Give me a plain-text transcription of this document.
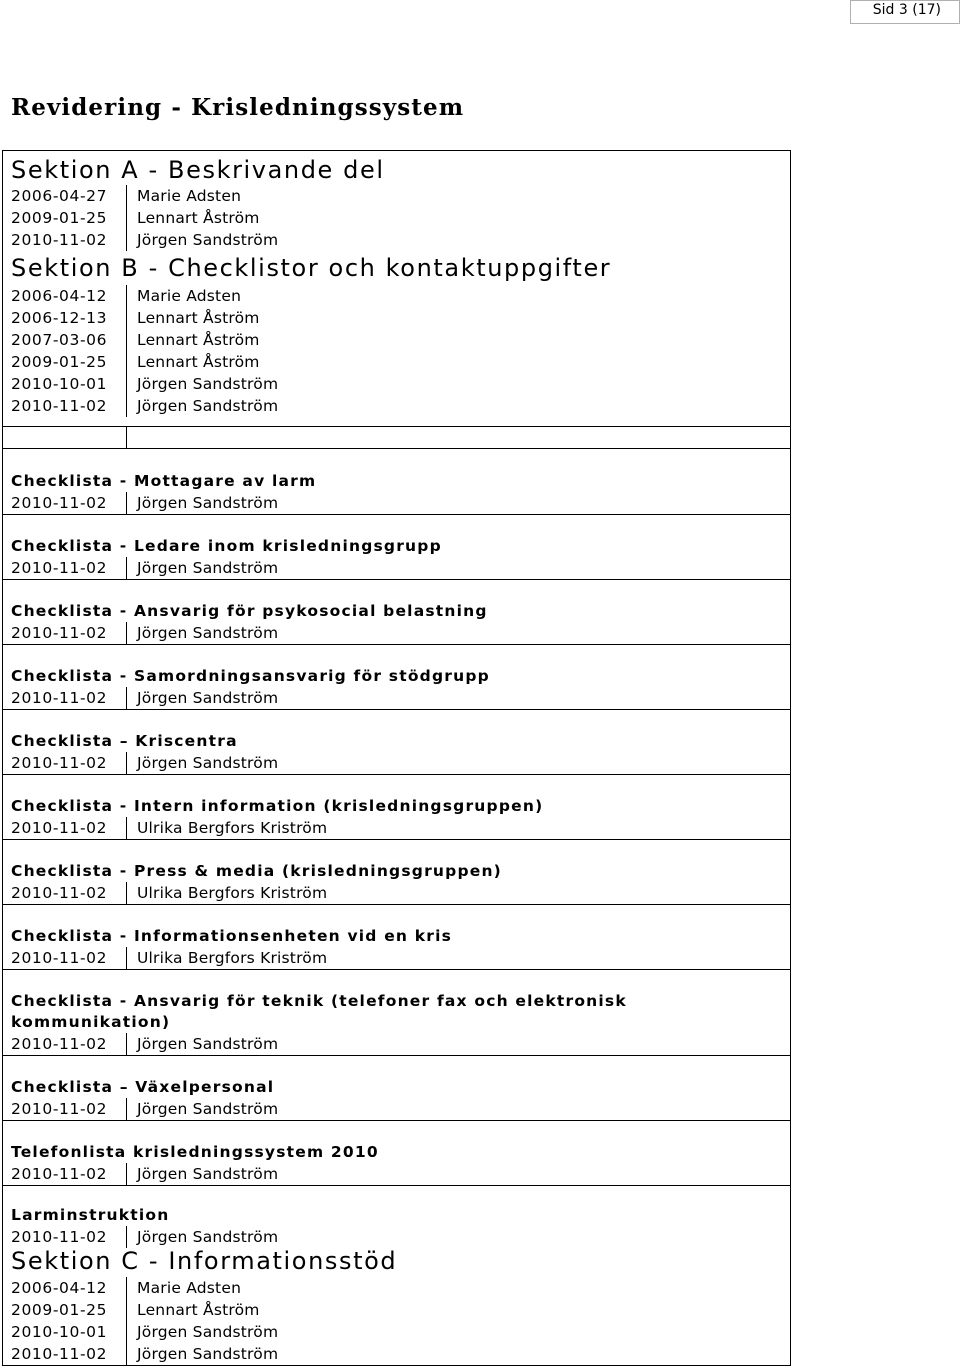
Sid 3 (17)
Revidering - Krisledningssystem
Sektion A - Beskrivande del
2006-04-27	Marie Adsten
2009-01-25	Lennart Åström
2010-11-02	Jörgen Sandström
Sektion B - Checklistor och kontaktuppgifter
2006-04-12	Marie Adsten
2006-12-13	Lennart Åström
2007-03-06	Lennart Åström
2009-01-25	Lennart Åström
2010-10-01	Jörgen Sandström
2010-11-02	Jörgen Sandström
Checklista - Mottagare av larm
2010-11-02	Jörgen Sandström
Checklista - Ledare inom krisledningsgrupp
2010-11-02	Jörgen Sandström
Checklista - Ansvarig för psykosocial belastning
2010-11-02	Jörgen Sandström
Checklista - Samordningsansvarig för stödgrupp
2010-11-02	Jörgen Sandström
Checklista – Kriscentra
2010-11-02	Jörgen Sandström
Checklista - Intern information (krisledningsgruppen)
2010-11-02	Ulrika Bergfors Kriström
Checklista - Press & media (krisledningsgruppen)
2010-11-02	Ulrika Bergfors Kriström
Checklista - Informationsenheten vid en kris
2010-11-02	Ulrika Bergfors Kriström
Checklista - Ansvarig för teknik (telefoner fax och elektronisk
kommunikation)
2010-11-02	Jörgen Sandström
Checklista – Växelpersonal
2010-11-02	Jörgen Sandström
Telefonlista krisledningssystem 2010
2010-11-02	Jörgen Sandström
Larminstruktion
2010-11-02	Jörgen Sandström
Sektion C - Informationsstöd
2006-04-12	Marie Adsten
2009-01-25	Lennart Åström
2010-10-01	Jörgen Sandström
2010-11-02	Jörgen Sandström
